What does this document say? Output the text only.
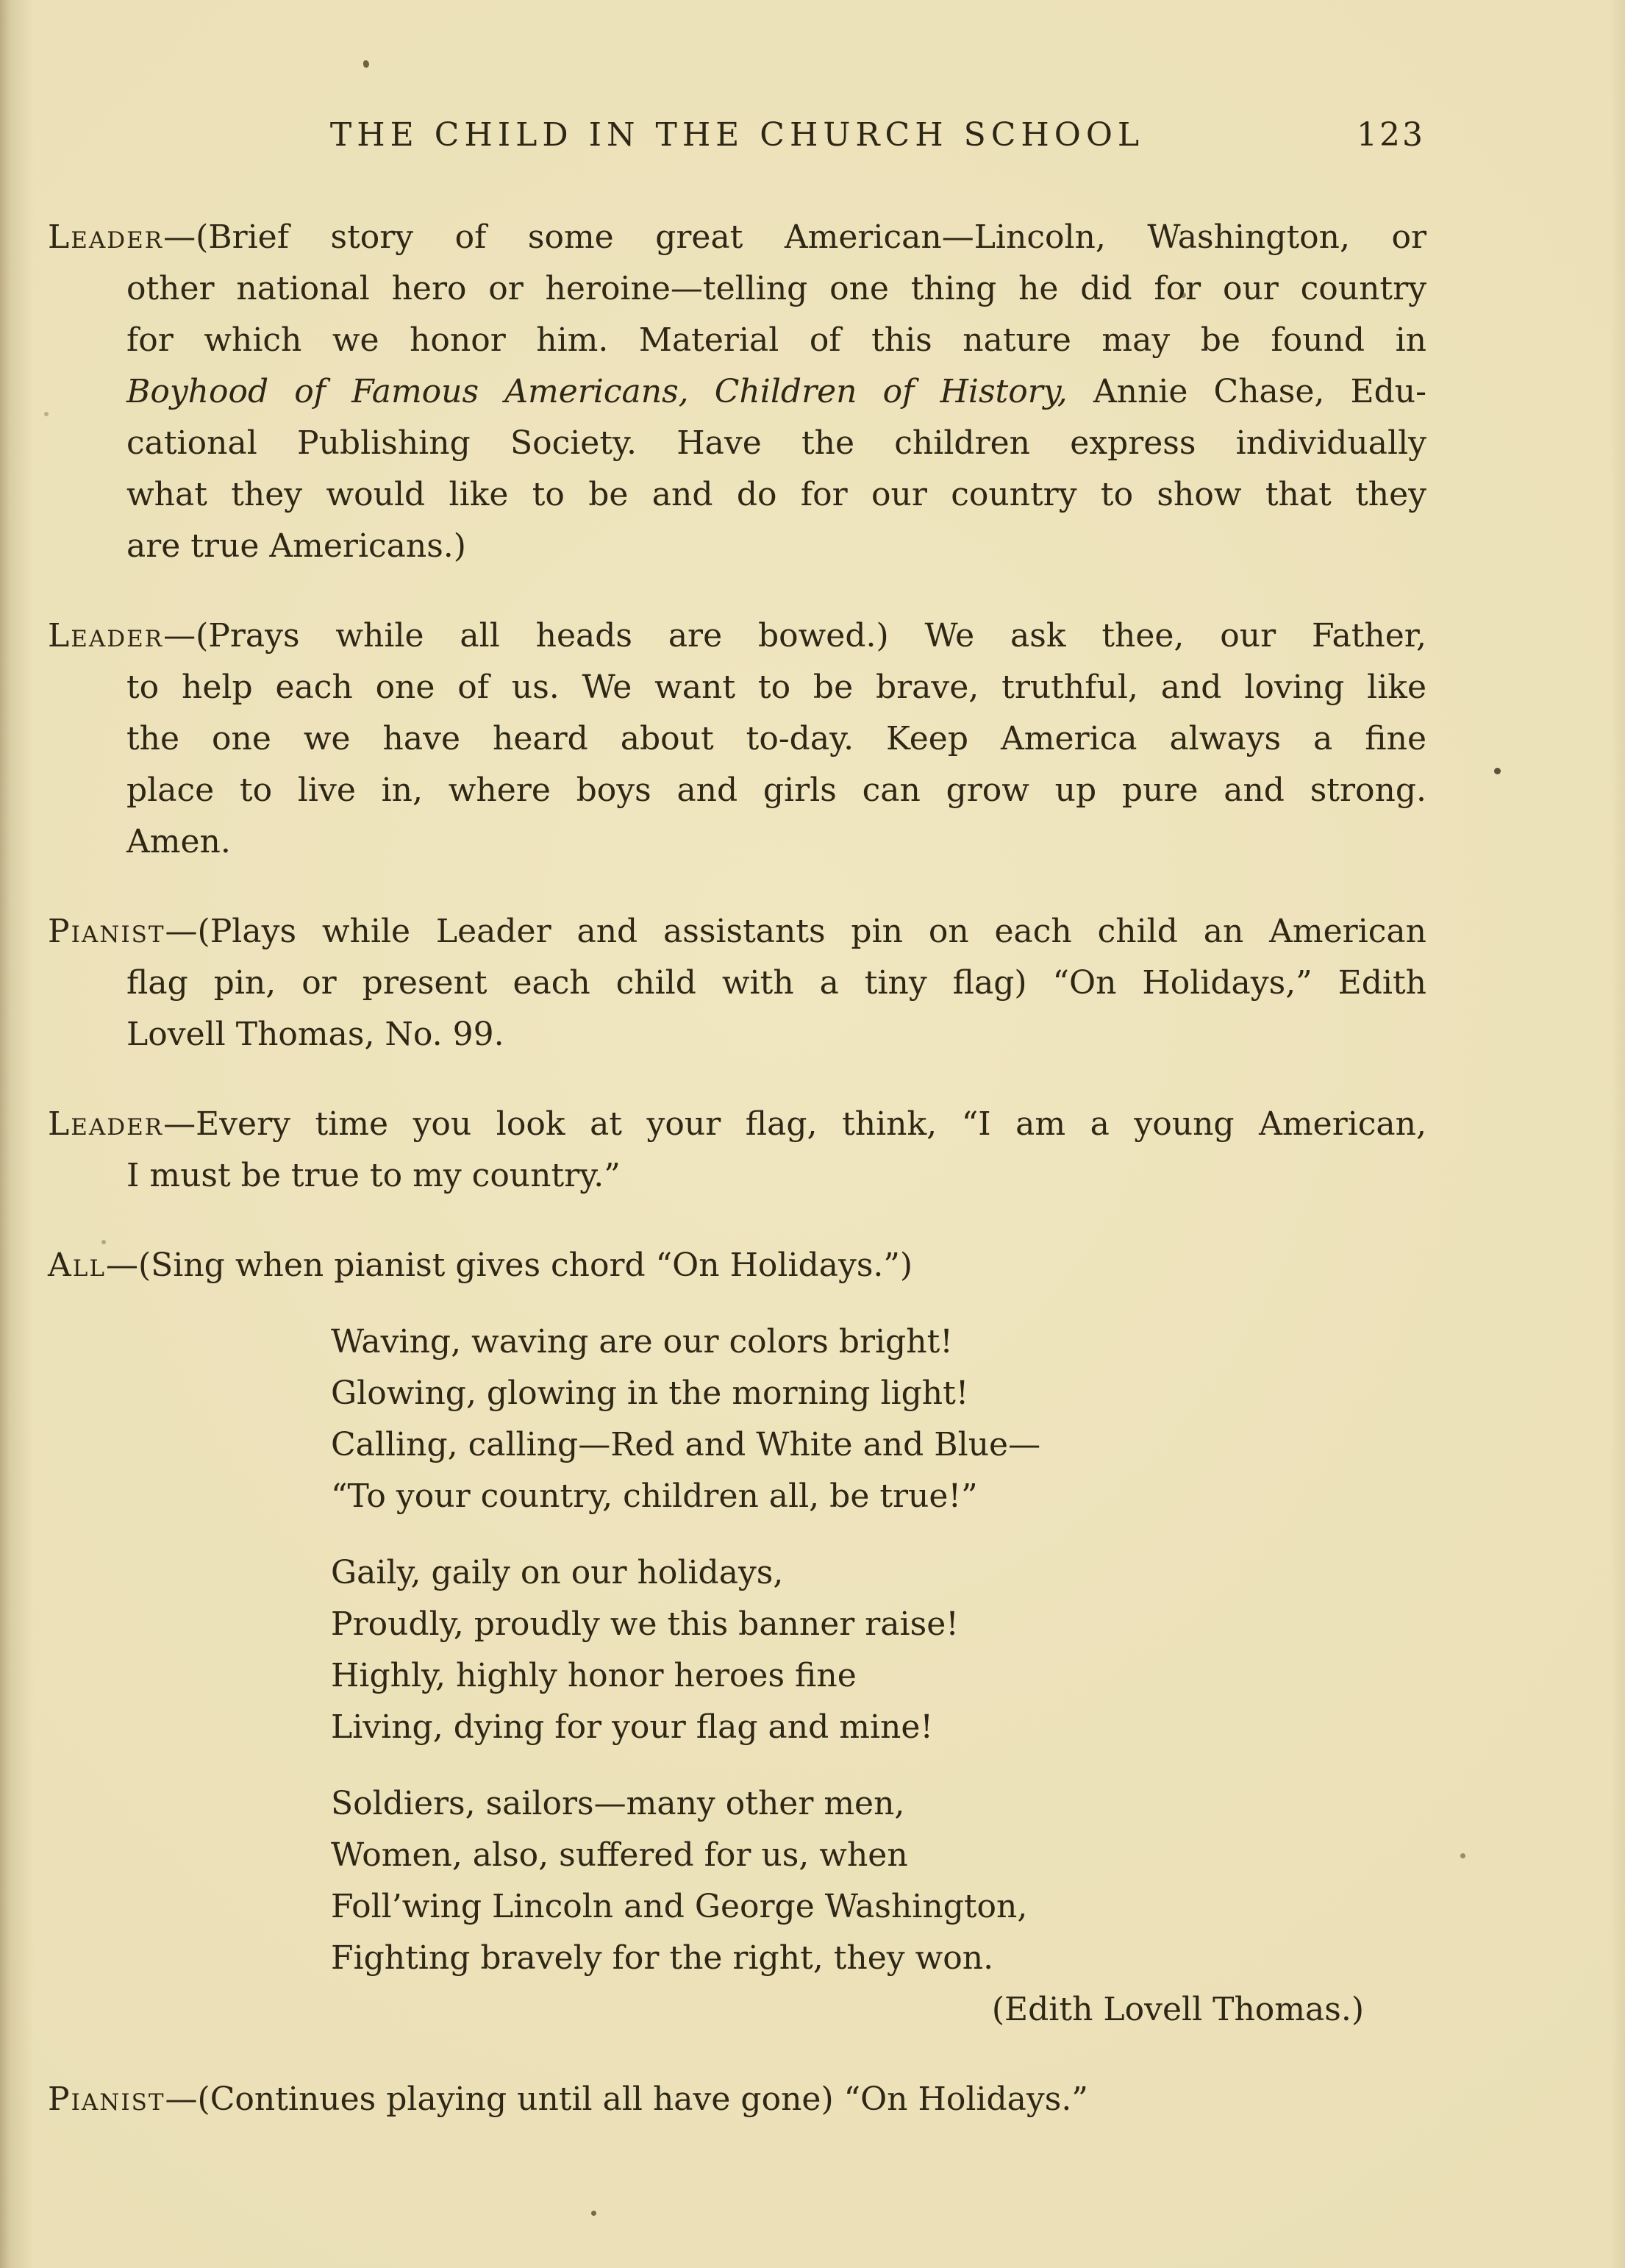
THE CHILD IN THE CHURCH SCHOOL	123
Leader—(Brief story of some great American—Lincoln, Washington, or
other national hero or heroine—telling one thing he did for our country
for which we honor him. Material of this nature may be found in
Boyhood of Famous Americans, Children of History, Annie Chase, Edu-
cational Publishing Society. Have the children express individually
what they would like to be and do for our country to show that they
are true Americans.)
Leader—(Prays while all heads are bowed.) We ask thee, our Father,
to help each one of us. We want to be brave, truthful, and loving like
the one we have heard about to-day. Keep America always a fine
place to live in, where boys and girls can grow up pure and strong.
Amen.
Pianist—(Plays while Leader and assistants pin on each child an American
flag pin, or present each child with a tiny flag) “On Holidays,” Edith
Lovell Thomas, No. 99.
Leader—Every time you look at your flag, think, “I am a young American,
I must be true to my country.”
All—(Sing when pianist gives chord “On Holidays.”)
Waving, waving are our colors bright!
Glowing, glowing in the morning light!
Calling, calling—Red and White and Blue—
“To your country, children all, be true!”
Gaily, gaily on our holidays,
Proudly, proudly we this banner raise!
Highly, highly honor heroes fine
Living, dying for your flag and mine!
Soldiers, sailors—many other men,
Women, also, suffered for us, when
Foll’wing Lincoln and George Washington,
Fighting bravely for the right, they won.
(Edith Lovell Thomas.)
Pianist—(Continues playing until all have gone) “On Holidays.”
